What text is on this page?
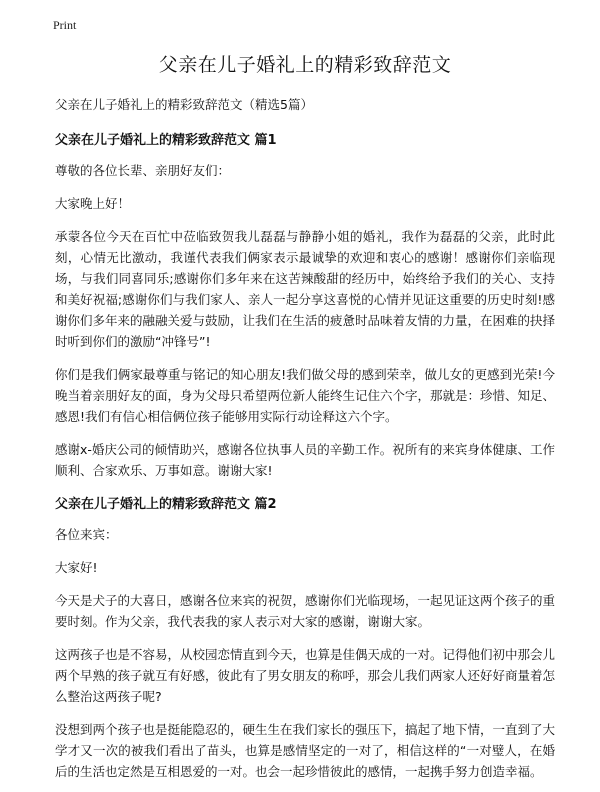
Print
父亲在儿子婚礼上的精彩致辞范文

父亲在儿子婚礼上的精彩致辞范文（精选5篇）

父亲在儿子婚礼上的精彩致辞范文 篇1

尊敬的各位长辈、亲朋好友们：

大家晚上好！

承蒙各位今天在百忙中莅临致贺我儿磊磊与静静小姐的婚礼，我作为磊磊的父亲，此时此刻，心情无比激动，我谨代表我们俩家表示最诚挚的欢迎和衷心的感谢！感谢你们亲临现场，与我们同喜同乐;感谢你们多年来在这苦辣酸甜的经历中，始终给予我们的关心、支持和美好祝福;感谢你们与我们家人、亲人一起分享这喜悦的心情并见证这重要的历史时刻!感谢你们多年来的融融关爱与鼓励，让我们在生活的疲惫时品味着友情的力量，在困难的抉择时听到你们的激励“冲锋号”!

你们是我们俩家最尊重与铭记的知心朋友!我们做父母的感到荣幸，做儿女的更感到光荣!今晚当着亲朋好友的面，身为父母只希望两位新人能终生记住六个字，那就是：珍惜、知足、感恩!我们有信心相信俩位孩子能够用实际行动诠释这六个字。

感谢x-婚庆公司的倾情助兴，感谢各位执事人员的辛勤工作。祝所有的来宾身体健康、工作顺利、合家欢乐、万事如意。谢谢大家!

父亲在儿子婚礼上的精彩致辞范文 篇2

各位来宾：

大家好!

今天是犬子的大喜日，感谢各位来宾的祝贺，感谢你们光临现场，一起见证这两个孩子的重要时刻。作为父亲，我代表我的家人表示对大家的感谢，谢谢大家。

这两孩子也是不容易，从校园恋情直到今天，也算是佳偶天成的一对。记得他们初中那会儿两个早熟的孩子就互有好感，彼此有了男女朋友的称呼，那会儿我们两家人还好好商量着怎么整治这两孩子呢?

没想到两个孩子也是挺能隐忍的，硬生生在我们家长的强压下，搞起了地下情，一直到了大学才又一次的被我们看出了苗头，也算是感情坚定的一对了，相信这样的“一对璧人，在婚后的生活也定然是互相恩爱的一对。也会一起珍惜彼此的感情，一起携手努力创造幸福。
